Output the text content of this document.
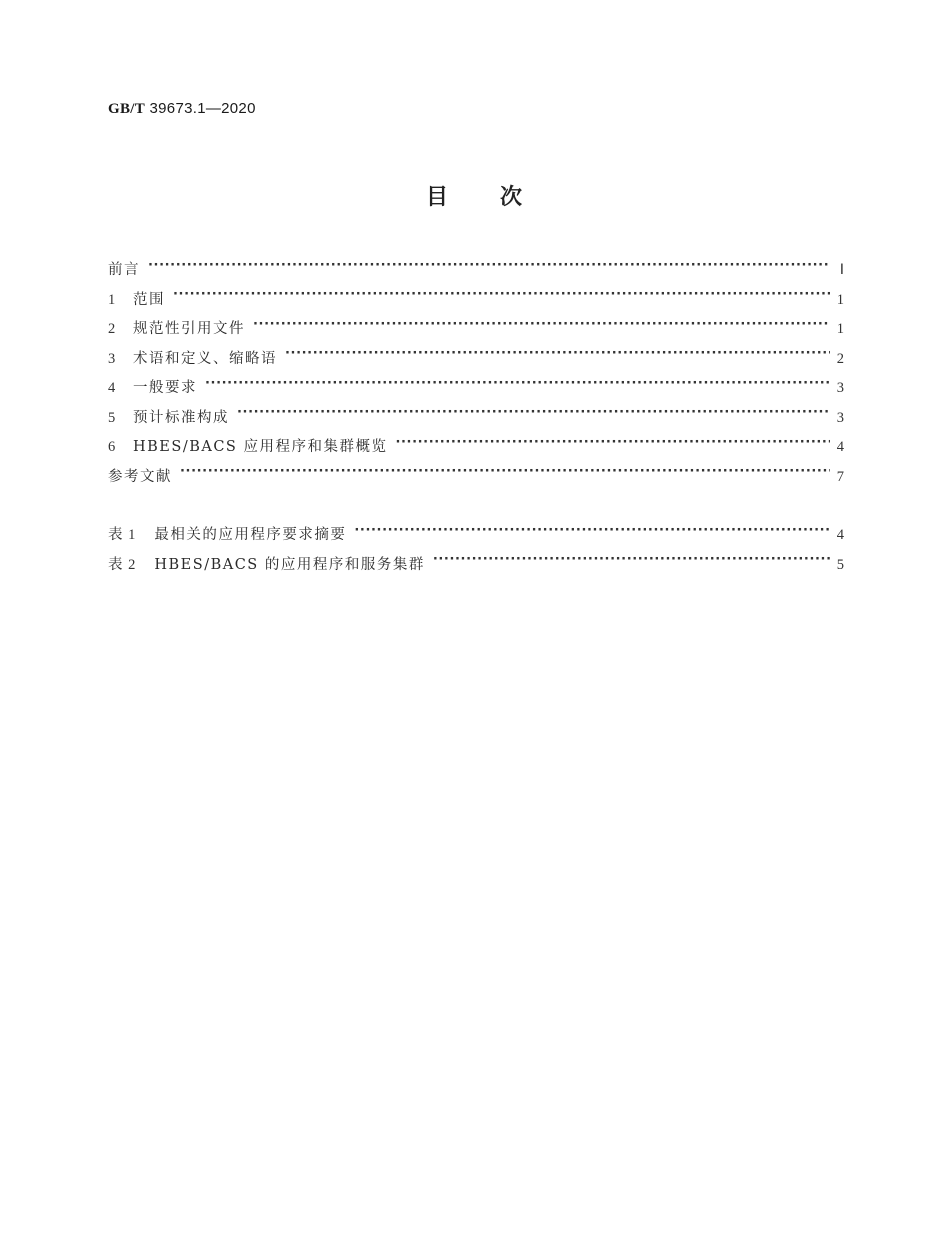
GB/T 39673.1—2020
目 次
前言 ·····	Ⅰ
1	范围 ·····	1
2	规范性引用文件 ·····	1
3	术语和定义、缩略语 ·····	2
4	一般要求 ·····	3
5	预计标准构成 ·····	3
6	HBES/BACS 应用程序和集群概览 ·····	4
参考文献 ·····	7
表 1 最相关的应用程序要求摘要 ·····	4
表 2 HBES/BACS 的应用程序和服务集群 ·····	5
